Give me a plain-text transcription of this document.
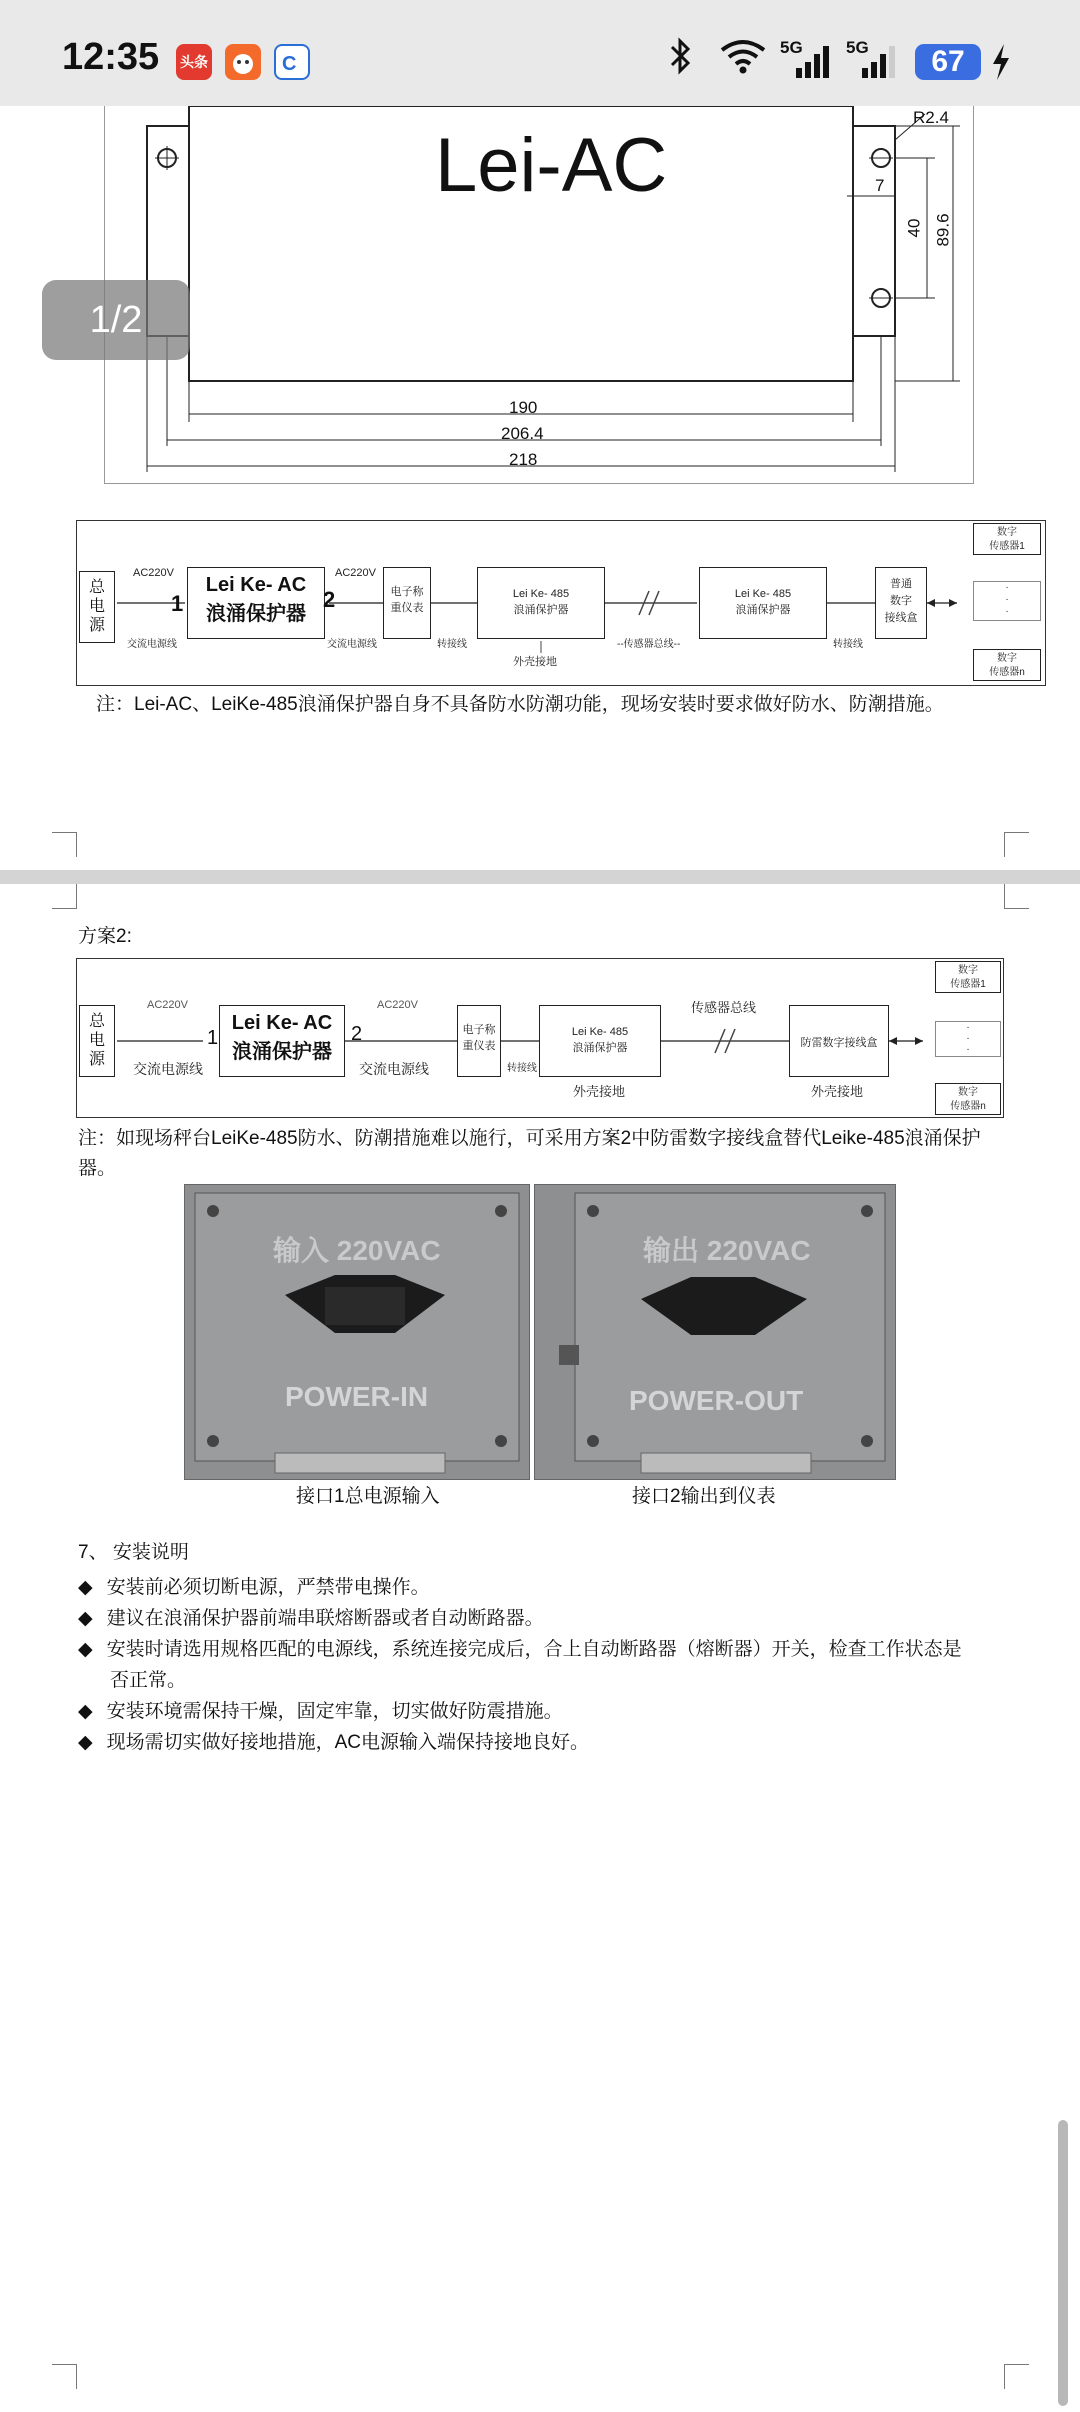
12:35 头条	C
5G	5G	67
Lei-AC
R2.4
7
40 89.6
190
206.4
218
总
电
源
AC220V
交流电源线
1
Lei Ke- AC
浪涌保护器
2
AC220V
交流电源线
电子称
重仪表
转接线
Lei Ke- 485
浪涌保护器
外壳接地
--传感器总线--
Lei Ke- 485
浪涌保护器
转接线
普通
数字
接线盒
数字
传感器1
·
·
·
数字
传感器n
注：Lei-AC、LeiKe-485浪涌保护器自身不具备防水防潮功能，现场安装时要求做好防水、防潮措施。
1/2
方案2:
总
电
源
AC220V
交流电源线
1
Lei Ke- AC
浪涌保护器
2
AC220V
交流电源线
电子称
重仪表
转接线
Lei Ke- 485
浪涌保护器
外壳接地
传感器总线
防雷数字接线盒
外壳接地
数字
传感器1
·
·
·
数字
传感器n
注：如现场秤台LeiKe-485防水、防潮措施难以施行，可采用方案2中防雷数字接线盒替代Leike-485浪涌保护器。
输入 220VAC
POWER-IN
输出 220VAC
POWER-OUT
接口1总电源输入	接口2输出到仪表
7、 安装说明
◆ 安装前必须切断电源，严禁带电操作。
◆ 建议在浪涌保护器前端串联熔断器或者自动断路器。
◆ 安装时请选用规格匹配的电源线，系统连接完成后，合上自动断路器（熔断器）开关，检查工作状态是
否正常。
◆ 安装环境需保持干燥，固定牢靠，切实做好防震措施。
◆ 现场需切实做好接地措施，AC电源输入端保持接地良好。
